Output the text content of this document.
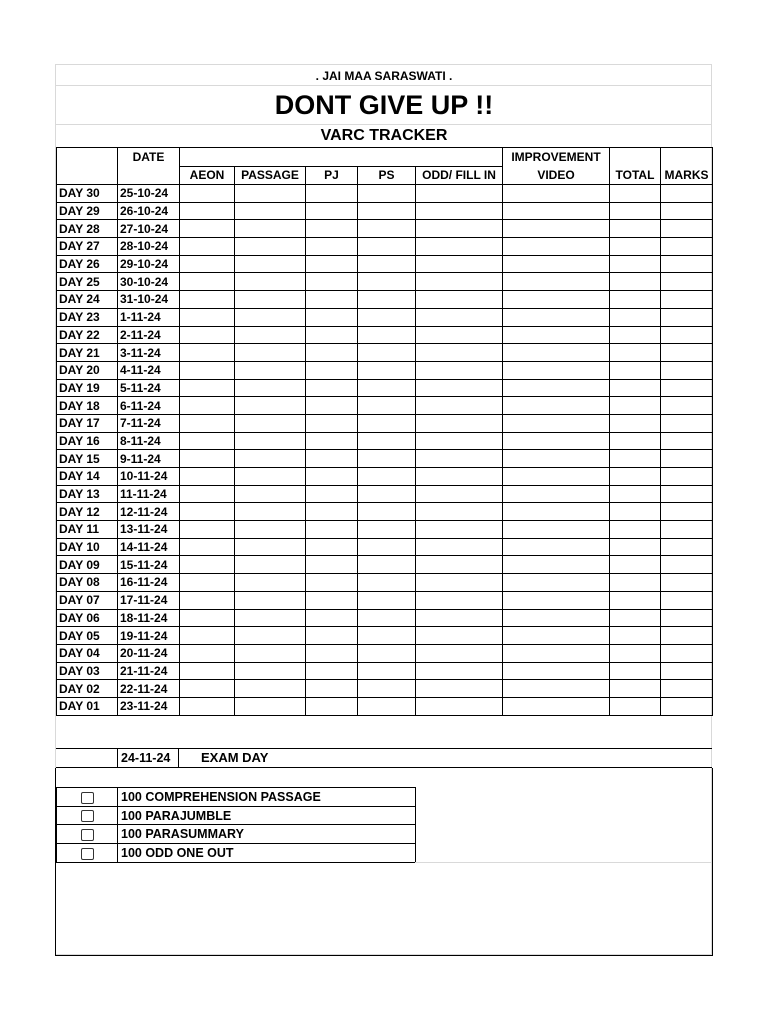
. JAI MAA SARASWATI .
DONT GIVE UP !!
VARC TRACKER
	DATE						IMPROVEMENT		
		AEON	PASSAGE	PJ	PS	ODD/ FILL IN	VIDEO	TOTAL	MARKS
DAY 30	25-10-24								
DAY 29	26-10-24								
DAY 28	27-10-24								
DAY 27	28-10-24								
DAY 26	29-10-24								
DAY 25	30-10-24								
DAY 24	31-10-24								
DAY 23	1-11-24								
DAY 22	2-11-24								
DAY 21	3-11-24								
DAY 20	4-11-24								
DAY 19	5-11-24								
DAY 18	6-11-24								
DAY 17	7-11-24								
DAY 16	8-11-24								
DAY 15	9-11-24								
DAY 14	10-11-24								
DAY 13	11-11-24								
DAY 12	12-11-24								
DAY 11	13-11-24								
DAY 10	14-11-24								
DAY 09	15-11-24								
DAY 08	16-11-24								
DAY 07	17-11-24								
DAY 06	18-11-24								
DAY 05	19-11-24								
DAY 04	20-11-24								
DAY 03	21-11-24								
DAY 02	22-11-24								
DAY 01	23-11-24								
24-11-24	EXAM DAY
	100 COMPREHENSION PASSAGE
	100 PARAJUMBLE
	100 PARASUMMARY
	100 ODD ONE OUT
